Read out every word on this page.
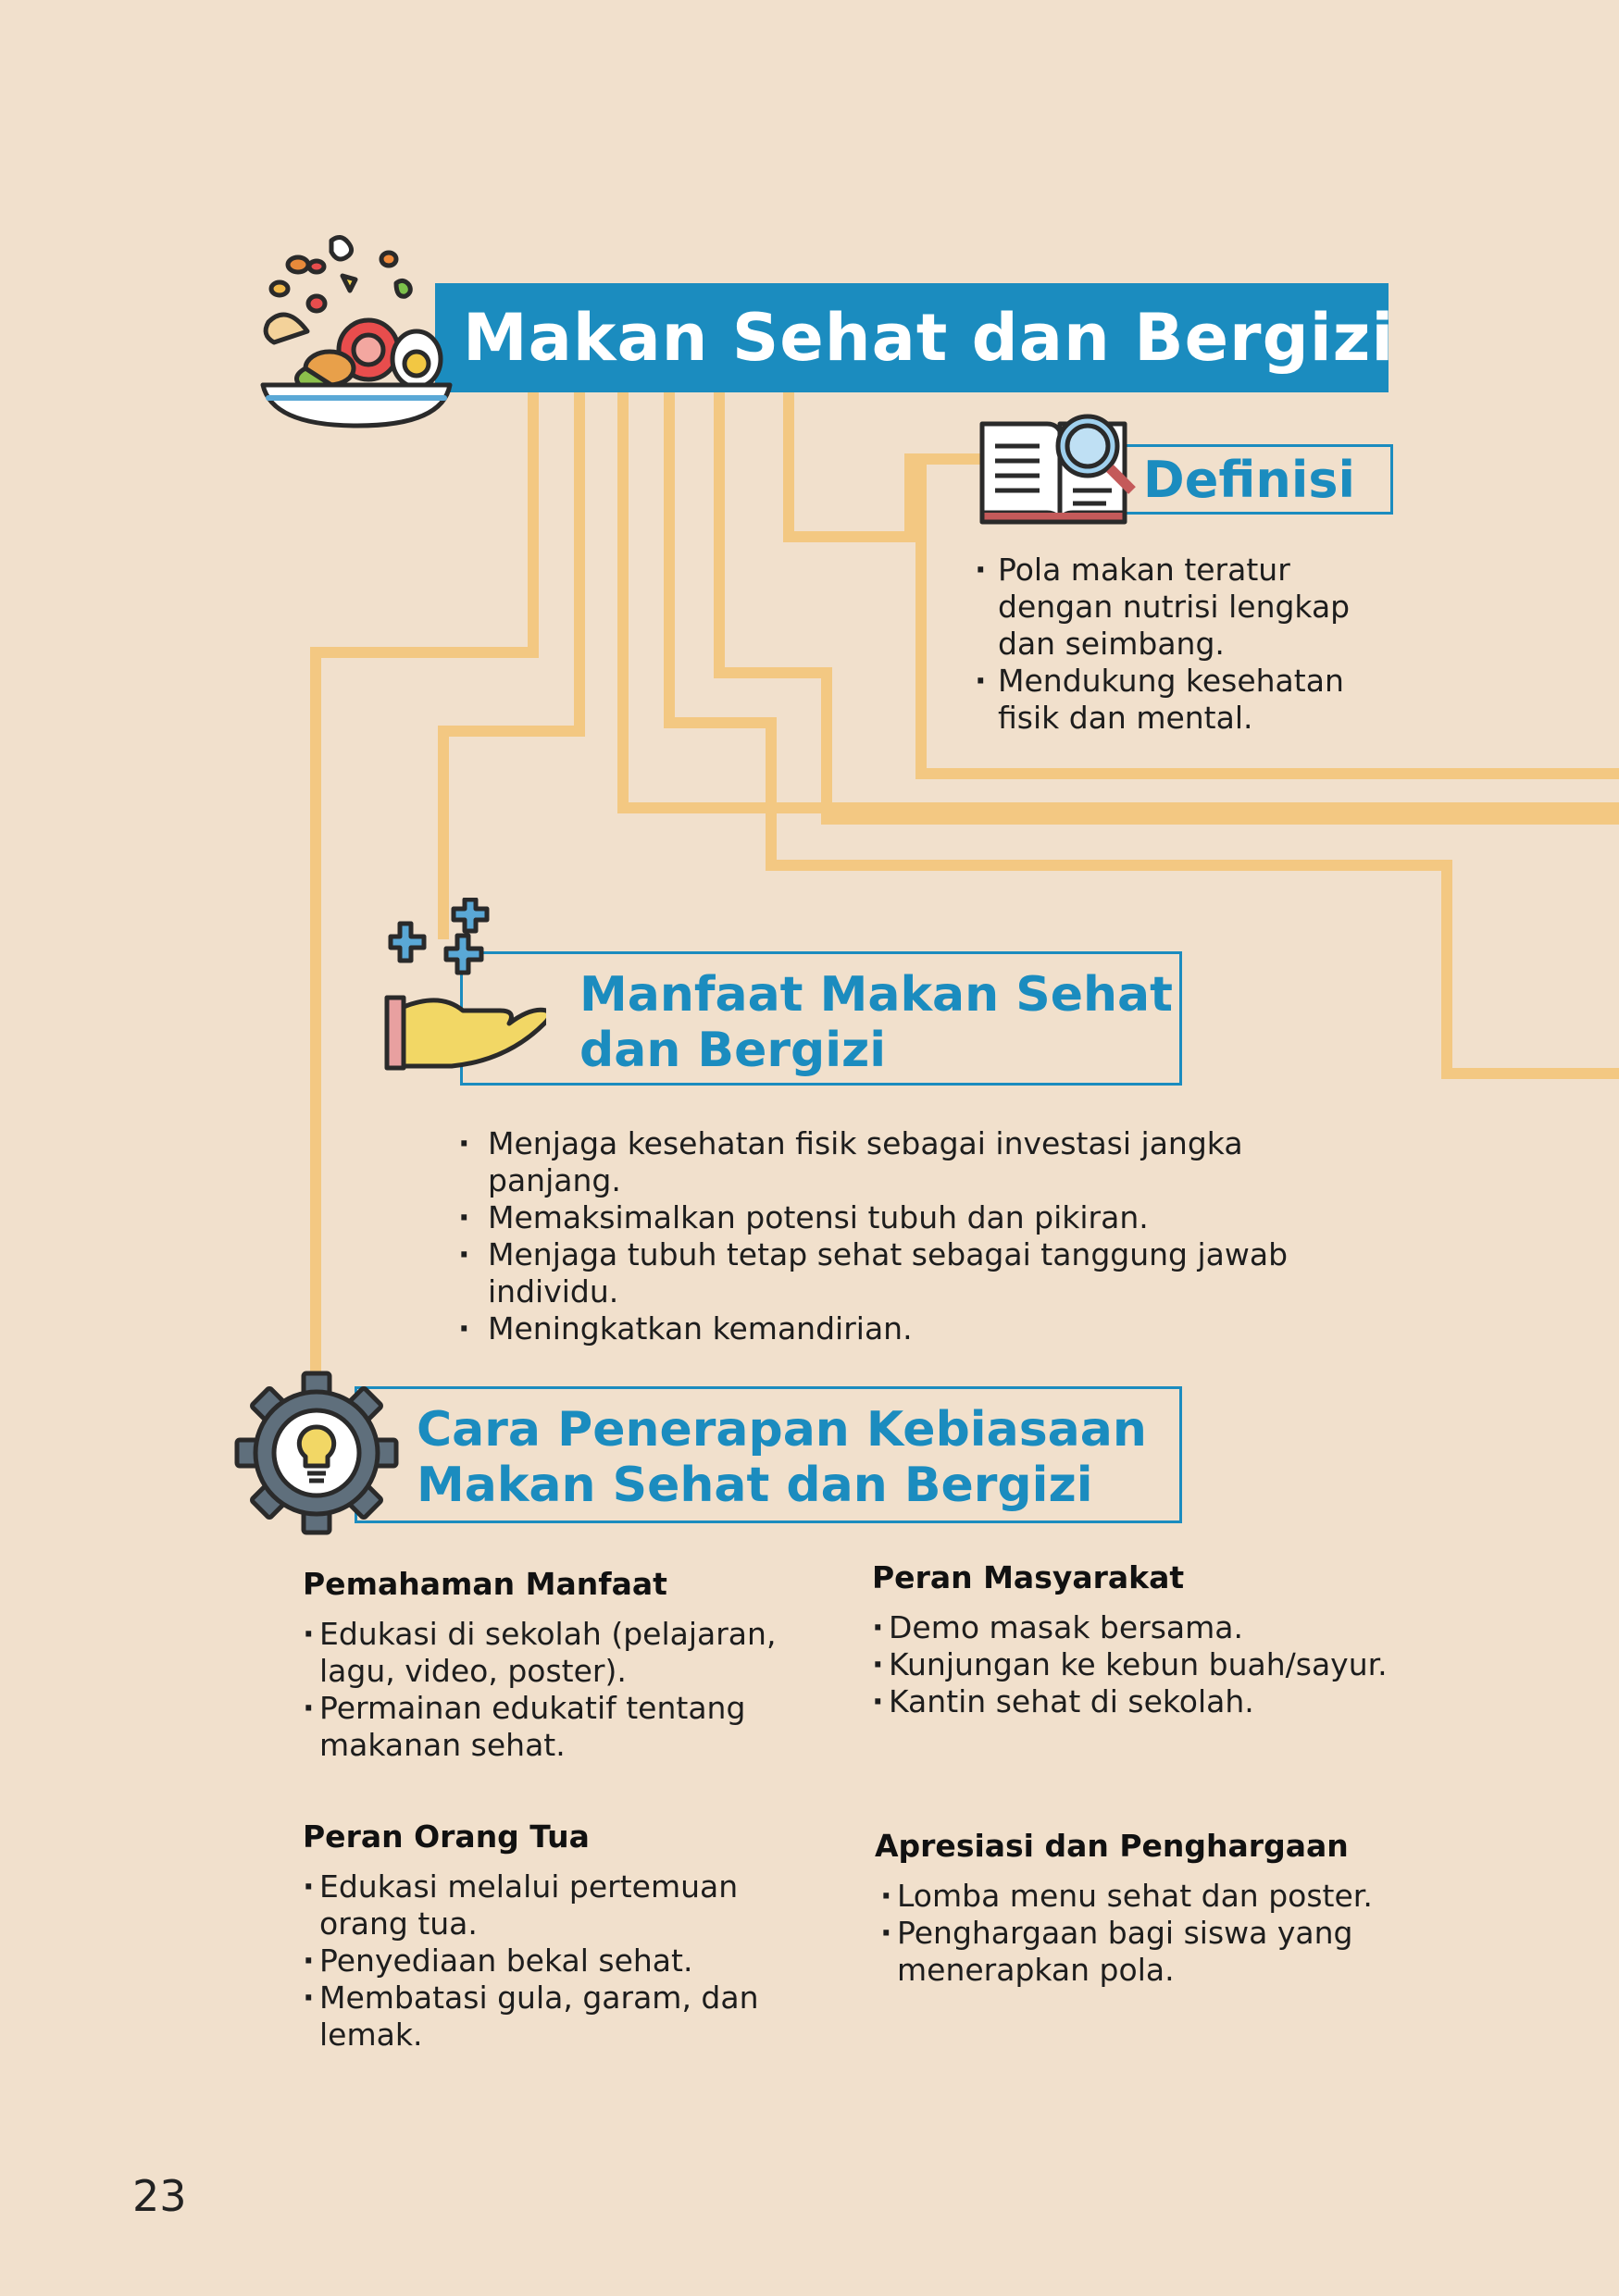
Makan Sehat dan Bergizi
Definisi
· Pola makan teratur dengan nutrisi lengkap dan seimbang.
· Mendukung kesehatan fisik dan mental.
Manfaat Makan Sehat
dan Bergizi
· Menjaga kesehatan fisik sebagai investasi jangka panjang.
· Memaksimalkan potensi tubuh dan pikiran.
· Menjaga tubuh tetap sehat sebagai tanggung jawab individu.
· Meningkatkan kemandirian.
Cara Penerapan Kebiasaan
Makan Sehat dan Bergizi
Pemahaman Manfaat
· Edukasi di sekolah (pelajaran, lagu, video, poster).
· Permainan edukatif tentang makanan sehat.
Peran Masyarakat
· Demo masak bersama.
· Kunjungan ke kebun buah/sayur.
· Kantin sehat di sekolah.
Peran Orang Tua
· Edukasi melalui pertemuan orang tua.
· Penyediaan bekal sehat.
· Membatasi gula, garam, dan lemak.
Apresiasi dan Penghargaan
· Lomba menu sehat dan poster.
· Penghargaan bagi siswa yang menerapkan pola.
23
